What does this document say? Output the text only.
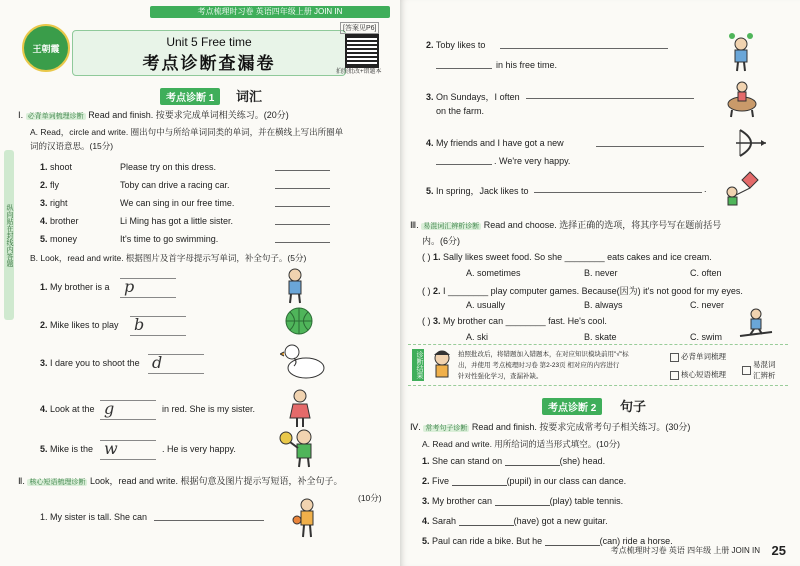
考点梳理时习卷 英语四年级上册 JOIN IN
纵向贴在封线内答题
王朝霞	Unit 5 Free time
考点诊断查漏卷
[答案见P6]
拍照批改+错题本
考点诊断 1	词汇
Ⅰ. 必背单词梳理诊断 Read and finish. 按要求完成单词相关练习。(20分)
A. Read，circle and write. 圈出句中与所给单词同类的单词，并在横线上写出所圈单
词的汉语意思。(15分)
1. shoot	Please try on this dress.
2. fly	Toby can drive a racing car.
3. right	We can sing in our free time.
4. brother	Li Ming has got a little sister.
5. money	It's time to go swimming.
B. Look，read and write. 根据图片及首字母提示写单词，补全句子。(5分)
1. My brother is a p
2. Mike likes to play b
3. I dare you to shoot the d
4. Look at the g	in red. She is my sister.
5. Mike is the w	. He is very happy.
Ⅱ. 核心短语梳理诊断 Look，read and write. 根据句意及图片提示写短语，补全句子。
(10分)
1. My sister is tall. She can
2. Toby likes to
in his free time.
3. On Sundays，I often
on the farm.
4. My friends and I have got a new
. We're very happy.
5. In spring，Jack likes to	.
Ⅲ. 易混词汇辨析诊断 Read and choose. 选择正确的选项，将其序号写在题前括号
内。(6分)
( ) 1. Sally likes sweet food. So she ________ eats cakes and ice cream.
A. sometimes	B. never	C. often
( ) 2. I ________ play computer games. Because(因为) it's not good for my eyes.
A. usually	B. always	C. never
( ) 3. My brother can ________ fast. He's cool.
A. ski	B. skate	C. swim
诊断结果	拍照批改后，将错题加入错题本，在对应知识模块前用"√"标
出，并使用 考点梳理时习卷 第2-23页 相对应的内容进行
针对性强化学习，查漏补缺。
必背单词梳理
核心短语梳理
易混词汇辨析
考点诊断 2	句子
Ⅳ. 常考句子诊断 Read and finish. 按要求完成常考句子相关练习。(30分)
A. Read and write. 用所给词的适当形式填空。(10分)
1. She can stand on	(she) head.
2. Five	(pupil) in our class can dance.
3. My brother can	(play) table tennis.
4. Sarah	(have) got a new guitar.
5. Paul can ride a bike. But he	(can) ride a horse.
考点梳理时习卷 英语 四年级 上册 JOIN IN 25
